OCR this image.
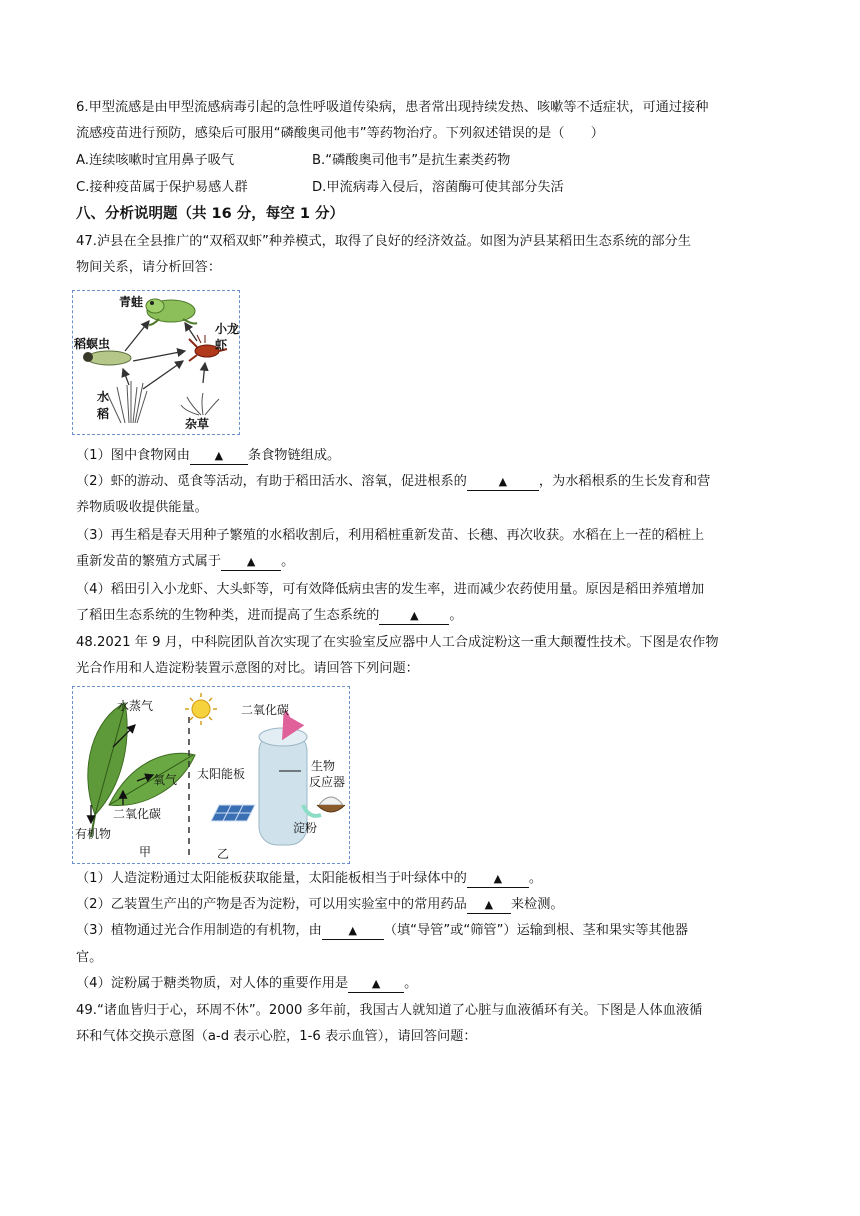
6.甲型流感是由甲型流感病毒引起的急性呼吸道传染病，患者常出现持续发热、咳嗽等不适症状，可通过接种
流感疫苗进行预防，感染后可服用“磷酸奥司他韦”等药物治疗。下列叙述错误的是（　　）
A.连续咳嗽时宜用鼻子吸气	B.“磷酸奥司他韦”是抗生素类药物
C.接种疫苗属于保护易感人群	D.甲流病毒入侵后，溶菌酶可使其部分失活
八、分析说明题（共 16 分，每空 1 分）
47.泸县在全县推广的“双稻双虾”种养模式，取得了良好的经济效益。如图为泸县某稻田生态系统的部分生
物间关系，请分析回答：
青蛙
稻螟虫
小龙虾
水稻
杂草
（1）图中食物网由 ▲ 条食物链组成。
（2）虾的游动、觅食等活动，有助于稻田活水、溶氧，促进根系的	▲ ，为水稻根系的生长发育和营
养物质吸收提供能量。
（3）再生稻是春天用种子繁殖的水稻收割后，利用稻桩重新发苗、长穗、再次收获。水稻在上一茬的稻桩上
重新发苗的繁殖方式属于 ▲ 。
（4）稻田引入小龙虾、大头虾等，可有效降低病虫害的发生率，进而减少农药使用量。原因是稻田养殖增加
了稻田生态系统的生物种类，进而提高了生态系统的	▲ 。
48.2021 年 9 月，中科院团队首次实现了在实验室反应器中人工合成淀粉这一重大颠覆性技术。下图是农作物
光合作用和人造淀粉装置示意图的对比。请回答下列问题：
水蒸气
氧气
二氧化碳
有机物
甲	乙
二氧化碳
太阳能板
生物
反应器
淀粉
（1）人造淀粉通过太阳能板获取能量，太阳能板相当于叶绿体中的 ▲ 。
（2）乙装置生产出的产物是否为淀粉，可以用实验室中的常用药品 ▲ 来检测。
（3）植物通过光合作用制造的有机物，由 ▲ （填“导管”或“筛管”）运输到根、茎和果实等其他器
官。
（4）淀粉属于糖类物质，对人体的重要作用是 ▲ 。
49.“诸血皆归于心，环周不休”。2000 多年前，我国古人就知道了心脏与血液循环有关。下图是人体血液循
环和气体交换示意图（a-d 表示心腔，1-6 表示血管），请回答问题：
